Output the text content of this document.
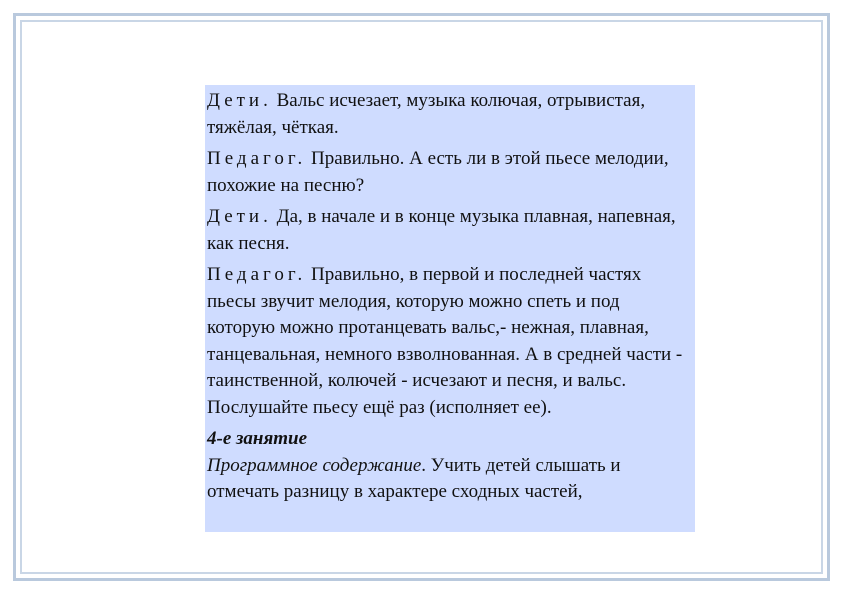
Дети. Вальс исчезает, музыка колючая, отрывистая, тяжёлая, чёткая.

Педагог. Правильно. А есть ли в этой пьесе мелодии, похожие на песню?

Дети. Да, в начале и в конце музыка плавная, напевная, как песня.

Педагог. Правильно, в первой и последней частях пьесы звучит мелодия, которую можно спеть и под которую можно протанцевать вальс,- нежная, плавная, танцевальная, немного взволнованная. А в средней части - таинственной, колючей - исчезают и песня, и вальс. Послушайте пьесу ещё раз (исполняет ее).

4-е занятие

Программное содержание. Учить детей слышать и отмечать разницу в характере сходных частей,
